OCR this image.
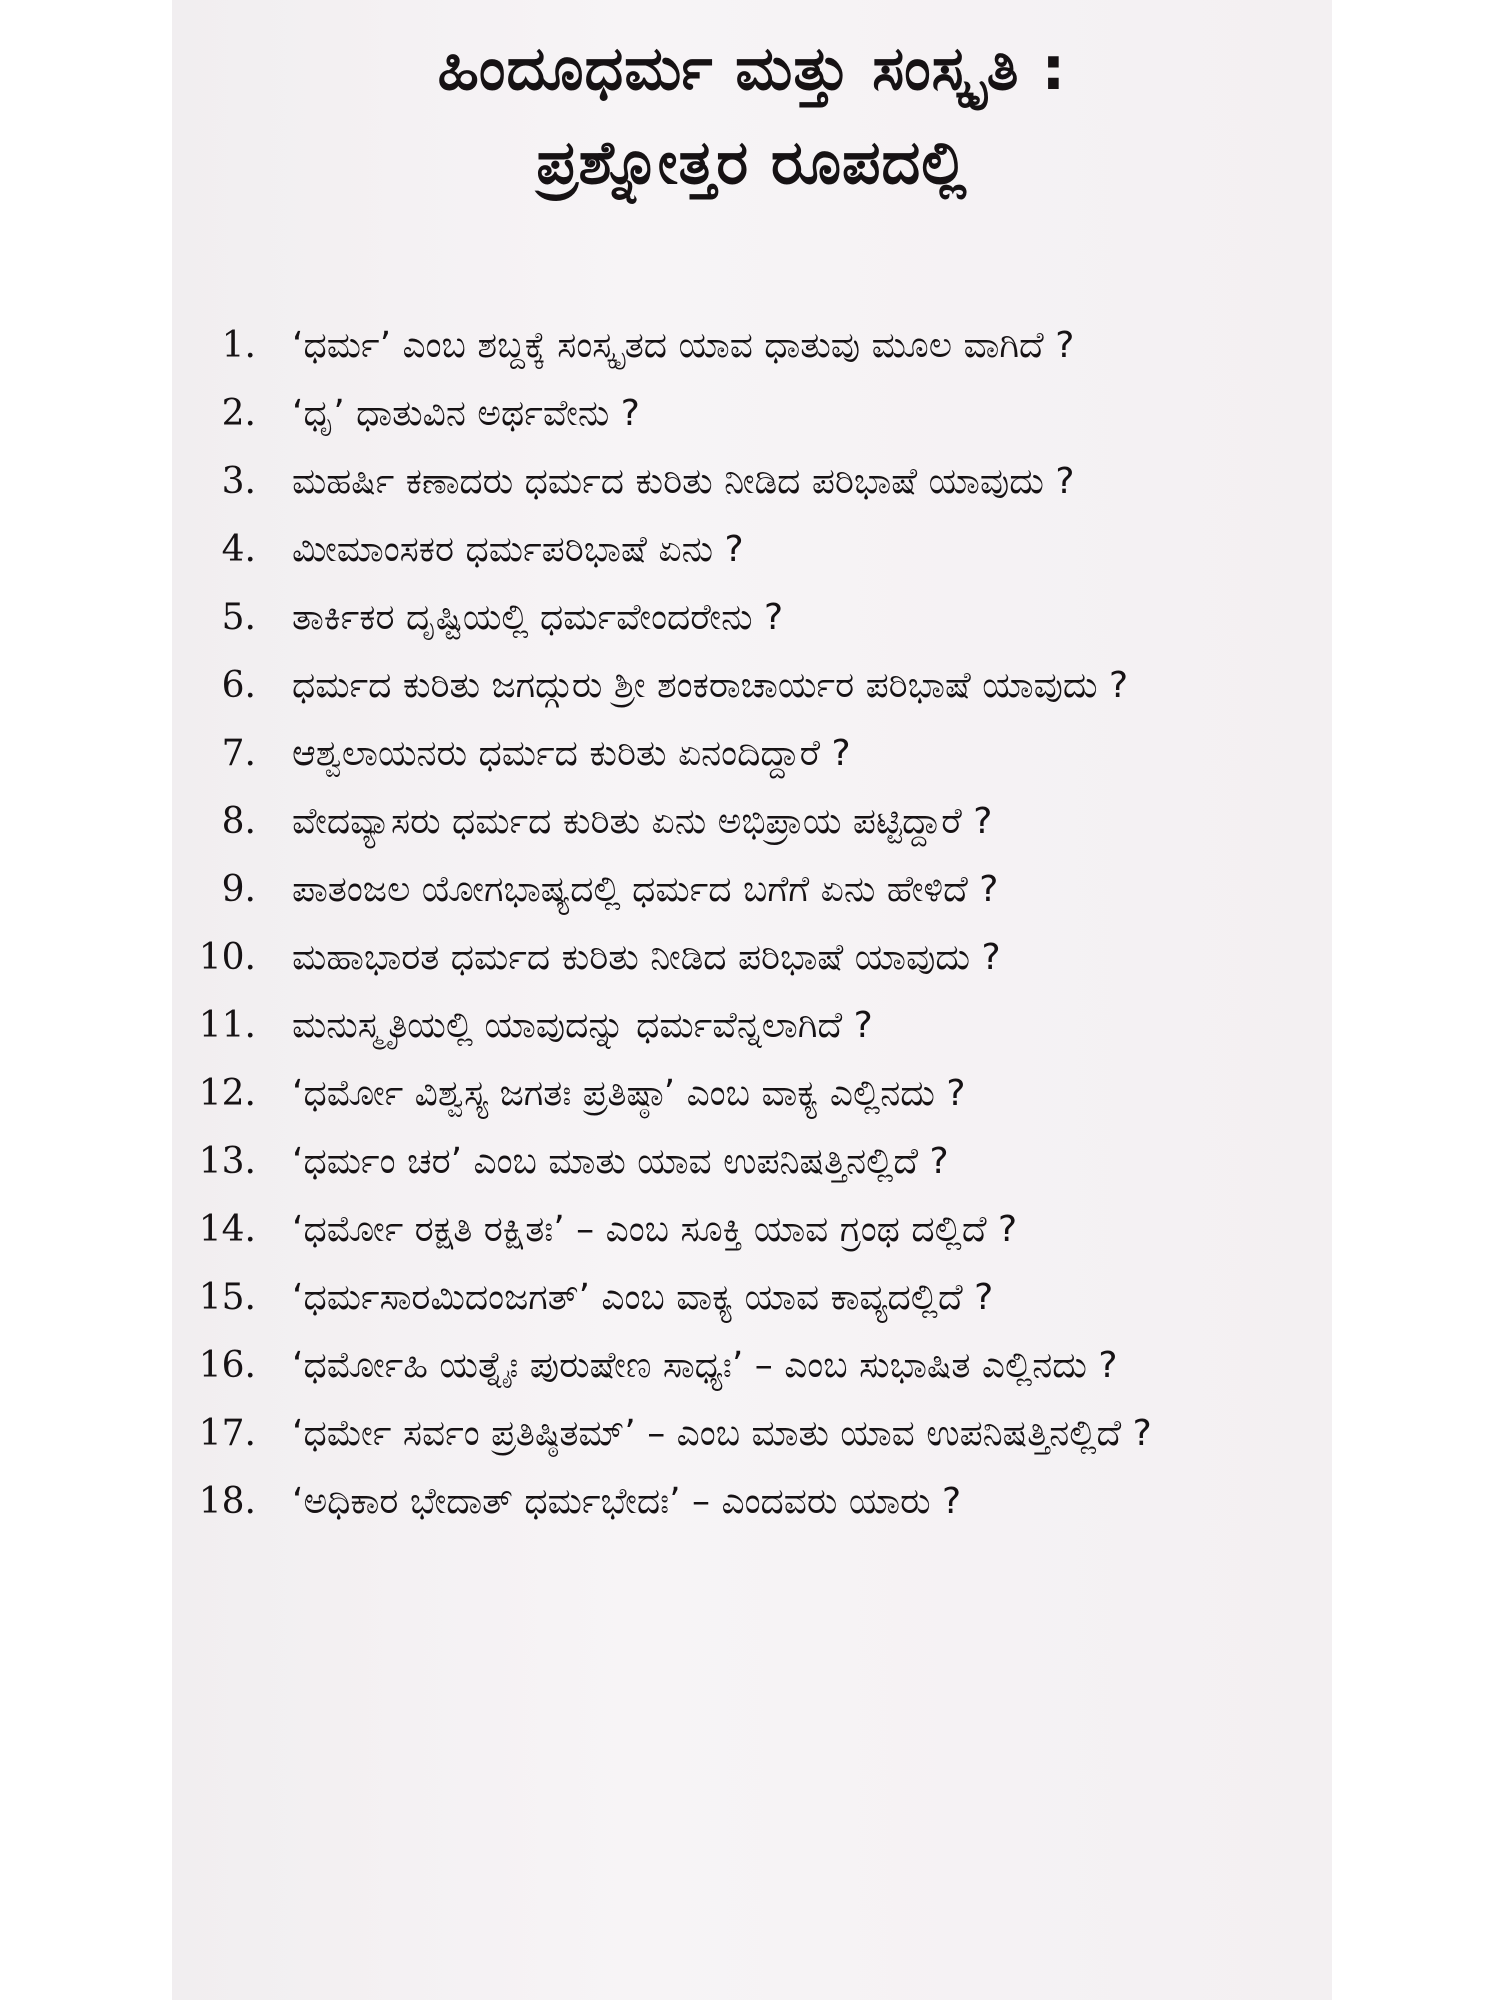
ಹಿಂದೂಧರ್ಮ ಮತ್ತು ಸಂಸ್ಕೃತಿ :
ಪ್ರಶ್ನೋತ್ತರ ರೂಪದಲ್ಲಿ
1. ‘ಧರ್ಮ’ ಎಂಬ ಶಬ್ದಕ್ಕೆ ಸಂಸ್ಕೃತದ ಯಾವ ಧಾತುವು ಮೂಲ ವಾಗಿದೆ ?
2. ‘ಧೃ’ ಧಾತುವಿನ ಅರ್ಥವೇನು ?
3. ಮಹರ್ಷಿ ಕಣಾದರು ಧರ್ಮದ ಕುರಿತು ನೀಡಿದ ಪರಿಭಾಷೆ ಯಾವುದು ?
4. ಮೀಮಾಂಸಕರ ಧರ್ಮಪರಿಭಾಷೆ ಏನು ?
5. ತಾರ್ಕಿಕರ ದೃಷ್ಟಿಯಲ್ಲಿ ಧರ್ಮವೇಂದರೇನು ?
6. ಧರ್ಮದ ಕುರಿತು ಜಗದ್ಗುರು ಶ್ರೀ ಶಂಕರಾಚಾರ್ಯರ ಪರಿಭಾಷೆ ಯಾವುದು ?
7. ಆಶ್ವಲಾಯನರು ಧರ್ಮದ ಕುರಿತು ಏನಂದಿದ್ದಾರೆ ?
8. ವೇದವ್ಯಾಸರು ಧರ್ಮದ ಕುರಿತು ಏನು ಅಭಿಪ್ರಾಯ ಪಟ್ಟಿದ್ದಾರೆ ?
9. ಪಾತಂಜಲ ಯೋಗಭಾಷ್ಯದಲ್ಲಿ ಧರ್ಮದ ಬಗೆಗೆ ಏನು ಹೇಳಿದೆ ?
10. ಮಹಾಭಾರತ ಧರ್ಮದ ಕುರಿತು ನೀಡಿದ ಪರಿಭಾಷೆ ಯಾವುದು ?
11. ಮನುಸ್ಮೃತಿಯಲ್ಲಿ ಯಾವುದನ್ನು ಧರ್ಮವೆನ್ನಲಾಗಿದೆ ?
12. ‘ಧರ್ಮೋ ವಿಶ್ವಸ್ಯ ಜಗತಃ ಪ್ರತಿಷ್ಠಾ’ ಎಂಬ ವಾಕ್ಯ ಎಲ್ಲಿನದು ?
13. ‘ಧರ್ಮಂ ಚರ’ ಎಂಬ ಮಾತು ಯಾವ ಉಪನಿಷತ್ತಿನಲ್ಲಿದೆ ?
14. ‘ಧರ್ಮೋ ರಕ್ಷತಿ ರಕ್ಷಿತಃ’ – ಎಂಬ ಸೂಕ್ತಿ ಯಾವ ಗ್ರಂಥ ದಲ್ಲಿದೆ ?
15. ‘ಧರ್ಮಸಾರಮಿದಂಜಗತ್’ ಎಂಬ ವಾಕ್ಯ ಯಾವ ಕಾವ್ಯದಲ್ಲಿದೆ ?
16. ‘ಧರ್ಮೋಹಿ ಯತ್ನೈಃ ಪುರುಷೇಣ ಸಾಧ್ಯಃ’ – ಎಂಬ ಸುಭಾಷಿತ ಎಲ್ಲಿನದು ?
17. ‘ಧರ್ಮೇ ಸರ್ವಂ ಪ್ರತಿಷ್ಠಿತಮ್’ – ಎಂಬ ಮಾತು ಯಾವ ಉಪನಿಷತ್ತಿನಲ್ಲಿದೆ ?
18. ‘ಅಧಿಕಾರ ಭೇದಾತ್ ಧರ್ಮಭೇದಃ’ – ಎಂದವರು ಯಾರು ?
